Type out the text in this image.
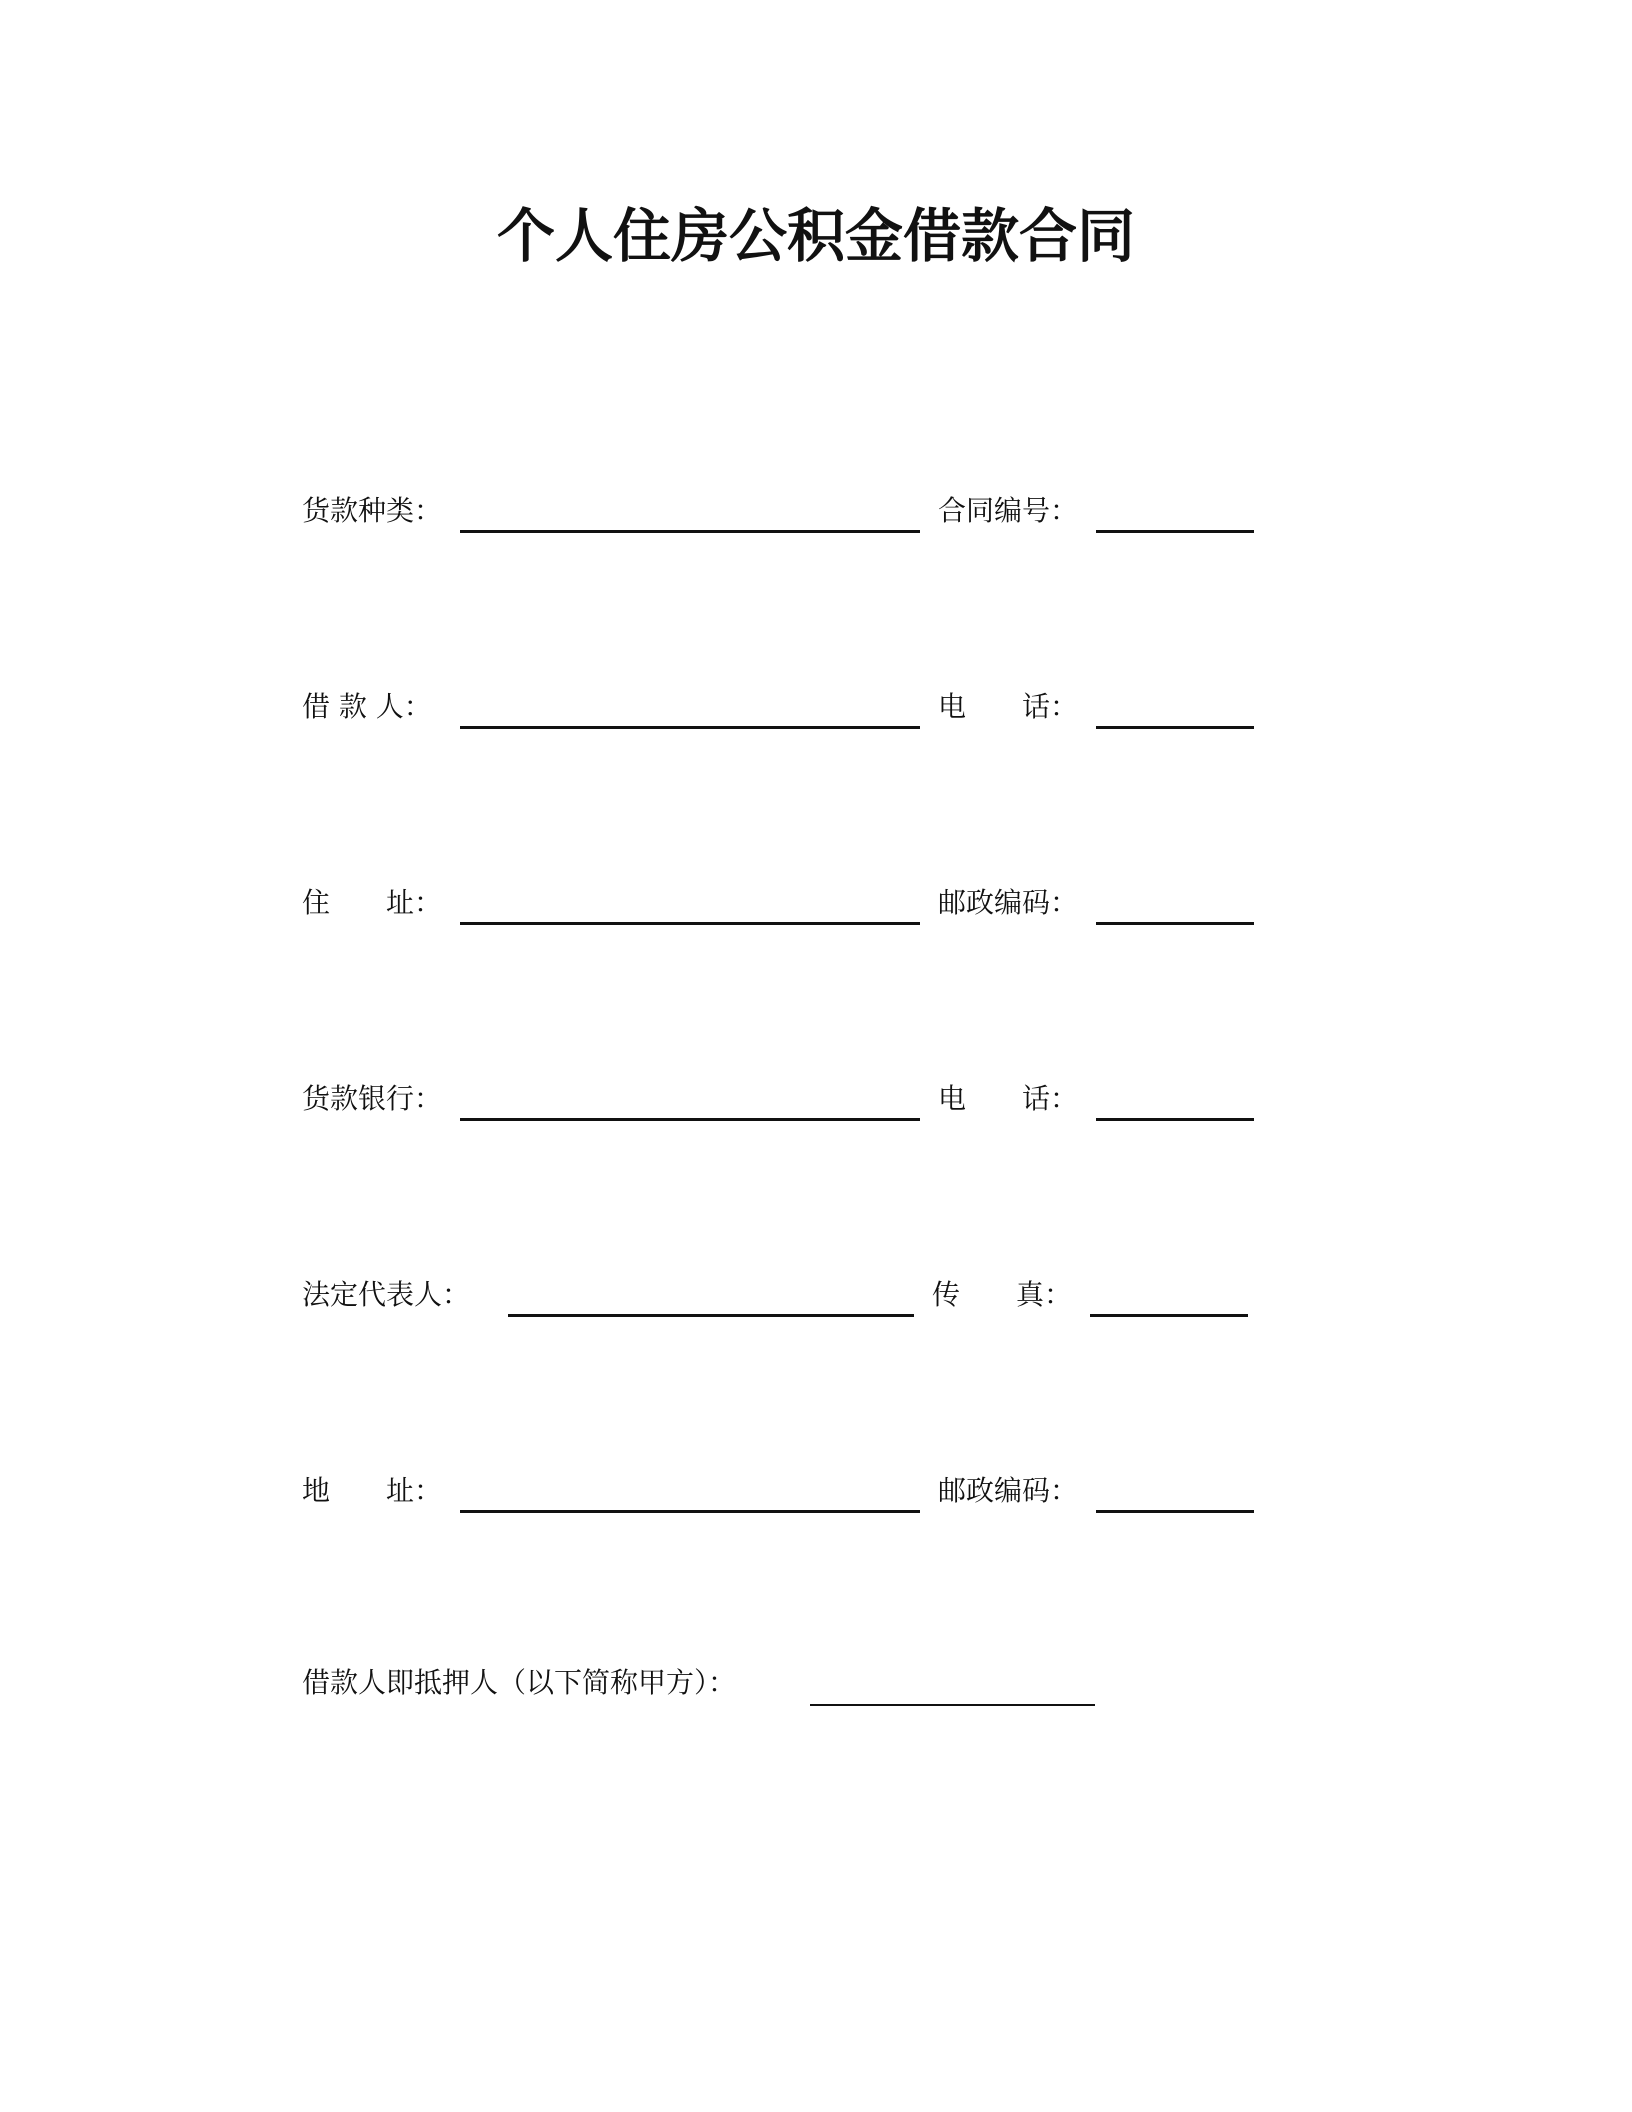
个人住房公积金借款合同
货款种类：	合同编号：
借 款 人：	电　　话：
住　　址：	邮政编码：
货款银行：	电　　话：
法定代表人：	传　　真：
地　　址：	邮政编码：
借款人即抵押人（以下简称甲方）：
